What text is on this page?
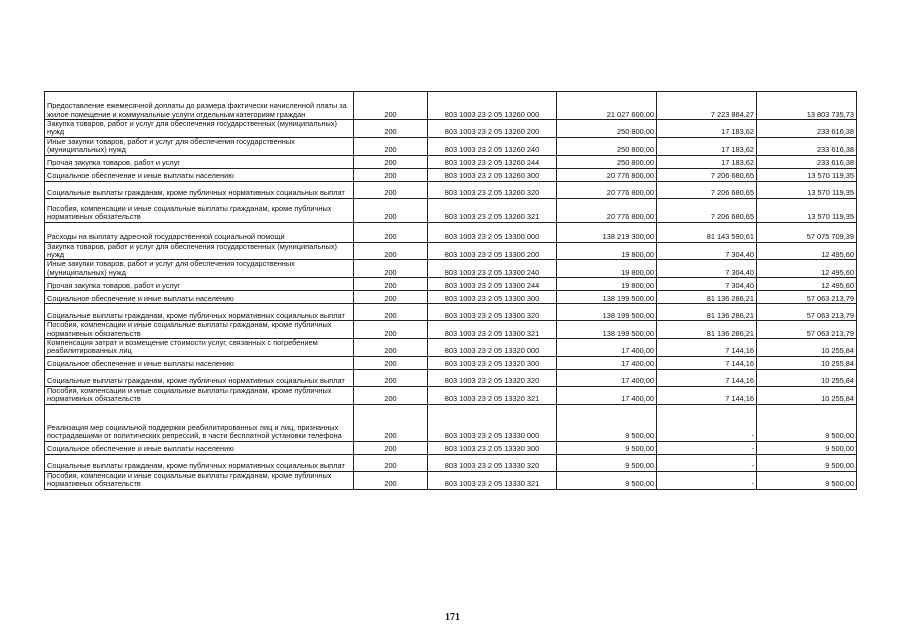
Предоставление ежемесячной доплаты до размера фактически начисленной платы за жилое помещение и коммунальные услуги отдельным категориям граждан	200	803 1003 23 2 05 13260 000	21 027 600,00	7 223 864,27	13 803 735,73
Закупка товаров, работ и услуг для обеспечения государственных (муниципальных) нужд	200	803 1003 23 2 05 13260 200	250 800,00	17 183,62	233 616,38
Иные закупки товаров, работ и услуг для обеспечения государственных (муниципальных) нужд	200	803 1003 23 2 05 13260 240	250 800,00	17 183,62	233 616,38
Прочая закупка товаров, работ и услуг	200	803 1003 23 2 05 13260 244	250 800,00	17 183,62	233 616,38
Социальное обеспечение и иные выплаты населению	200	803 1003 23 2 05 13260 300	20 776 800,00	7 206 680,65	13 570 119,35
Социальные выплаты гражданам, кроме публичных нормативных социальных выплат	200	803 1003 23 2 05 13260 320	20 776 800,00	7 206 680,65	13 570 119,35
Пособия, компенсации и иные социальные выплаты гражданам, кроме публичных нормативных обязательств	200	803 1003 23 2 05 13260 321	20 776 800,00	7 206 680,65	13 570 119,35
Расходы на выплату адресной государственной социальной помощи	200	803 1003 23 2 05 13300 000	138 219 300,00	81 143 590,61	57 075 709,39
Закупка товаров, работ и услуг для обеспечения государственных (муниципальных) нужд	200	803 1003 23 2 05 13300 200	19 800,00	7 304,40	12 495,60
Иные закупки товаров, работ и услуг для обеспечения государственных (муниципальных) нужд	200	803 1003 23 2 05 13300 240	19 800,00	7 304,40	12 495,60
Прочая закупка товаров, работ и услуг	200	803 1003 23 2 05 13300 244	19 800,00	7 304,40	12 495,60
Социальное обеспечение и иные выплаты населению	200	803 1003 23 2 05 13300 300	138 199 500,00	81 136 286,21	57 063 213,79
Социальные выплаты гражданам, кроме публичных нормативных социальных выплат	200	803 1003 23 2 05 13300 320	138 199 500,00	81 136 286,21	57 063 213,79
Пособия, компенсации и иные социальные выплаты гражданам, кроме публичных нормативных обязательств	200	803 1003 23 2 05 13300 321	138 199 500,00	81 136 286,21	57 063 213,79
Компенсация затрат и возмещение стоимости услуг, связанных с погребением реабилитированных лиц	200	803 1003 23 2 05 13320 000	17 400,00	7 144,16	10 255,84
Социальное обеспечение и иные выплаты населению	200	803 1003 23 2 05 13320 300	17 400,00	7 144,16	10 255,84
Социальные выплаты гражданам, кроме публичных нормативных социальных выплат	200	803 1003 23 2 05 13320 320	17 400,00	7 144,16	10 255,84
Пособия, компенсации и иные социальные выплаты гражданам, кроме публичных нормативных обязательств	200	803 1003 23 2 05 13320 321	17 400,00	7 144,16	10 255,84
Реализация мер социальной поддержки реабилитированных лиц и лиц, признанных пострадавшими от политических репрессий, в части бесплатной установки телефона	200	803 1003 23 2 05 13330 000	9 500,00	-	9 500,00
Социальное обеспечение и иные выплаты населению	200	803 1003 23 2 05 13330 300	9 500,00	-	9 500,00
Социальные выплаты гражданам, кроме публичных нормативных социальных выплат	200	803 1003 23 2 05 13330 320	9 500,00	-	9 500,00
Пособия, компенсации и иные социальные выплаты гражданам, кроме публичных нормативных обязательств	200	803 1003 23 2 05 13330 321	9 500,00	-	9 500,00
171
